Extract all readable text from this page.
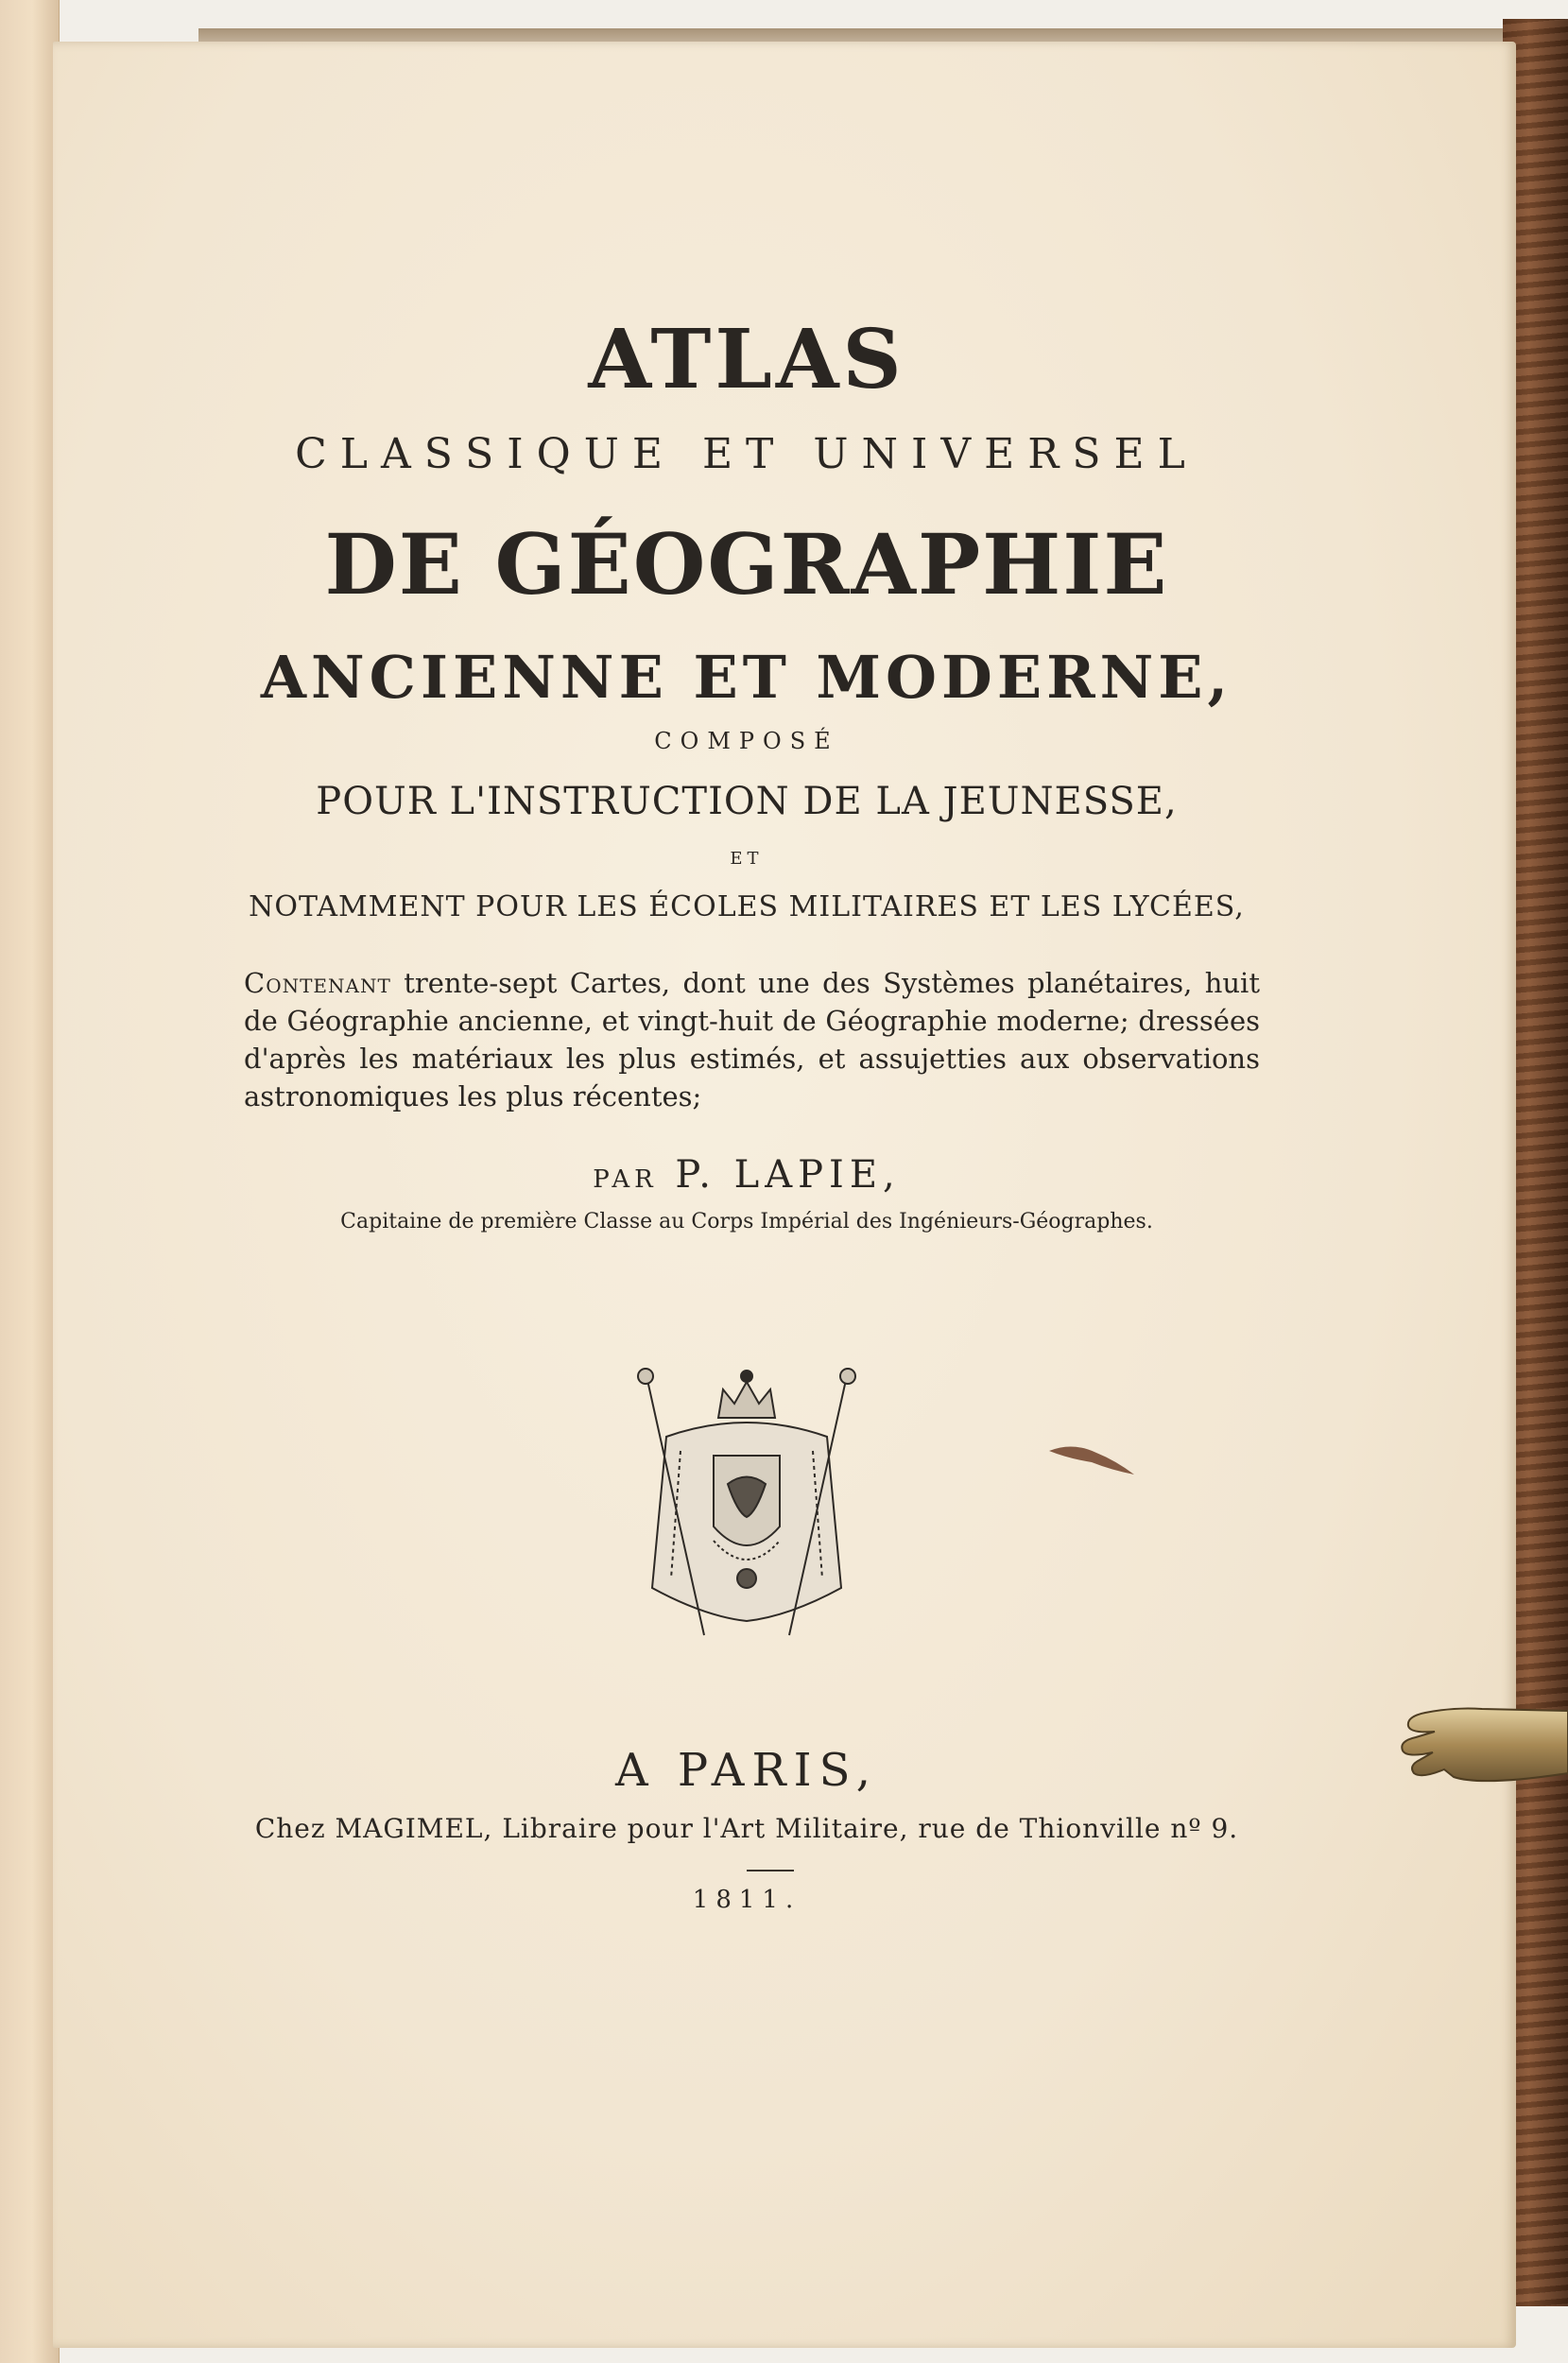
ATLAS
CLASSIQUE ET UNIVERSEL
DE GÉOGRAPHIE
ANCIENNE ET MODERNE,
COMPOSÉ
POUR L'INSTRUCTION DE LA JEUNESSE,
ET
NOTAMMENT POUR LES ÉCOLES MILITAIRES ET LES LYCÉES,
Contenant trente-sept Cartes, dont une des Systèmes planétaires, huit de Géographie ancienne, et vingt-huit de Géographie moderne; dressées d'après les matériaux les plus estimés, et assujetties aux observations astronomiques les plus récentes;
PAR P. LAPIE,
Capitaine de première Classe au Corps Impérial des Ingénieurs-Géographes.
A PARIS,
Chez MAGIMEL, Libraire pour l'Art Militaire, rue de Thionville nº 9.
1811.
